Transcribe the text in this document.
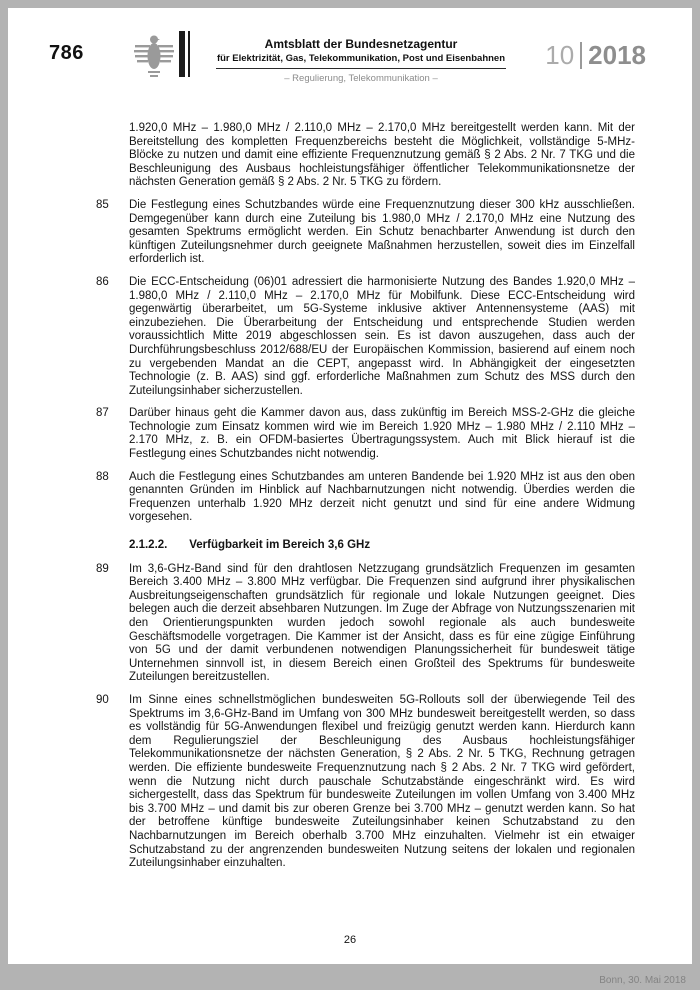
786	Amtsblatt der Bundesnetzagentur
für Elektrizität, Gas, Telekommunikation, Post und Eisenbahnen
– Regulierung, Telekommunikation –
10 2018
1.920,0 MHz – 1.980,0 MHz / 2.110,0 MHz – 2.170,0 MHz bereitgestellt werden kann. Mit der Bereitstellung des kompletten Frequenzbereichs besteht die Möglichkeit, vollständige 5-MHz-Blöcke zu nutzen und damit eine effiziente Frequenznutzung gemäß § 2 Abs. 2 Nr. 7 TKG und die Beschleunigung des Ausbaus hochleistungsfähiger öffentlicher Telekommunikationsnetze der nächsten Generation gemäß § 2 Abs. 2 Nr. 5 TKG zu fördern.
85	Die Festlegung eines Schutzbandes würde eine Frequenznutzung dieser 300 kHz ausschließen. Demgegenüber kann durch eine Zuteilung bis 1.980,0 MHz / 2.170,0 MHz eine Nutzung des gesamten Spektrums ermöglicht werden. Ein Schutz benachbarter Anwendung ist durch den künftigen Zuteilungsnehmer durch geeignete Maßnahmen herzustellen, soweit dies im Einzelfall erforderlich ist.
86	Die ECC-Entscheidung (06)01 adressiert die harmonisierte Nutzung des Bandes 1.920,0 MHz – 1.980,0 MHz / 2.110,0 MHz – 2.170,0 MHz für Mobilfunk. Diese ECC-Entscheidung wird gegenwärtig überarbeitet, um 5G-Systeme inklusive aktiver Antennensysteme (AAS) mit einzubeziehen. Die Überarbeitung der Entscheidung und entsprechende Studien werden voraussichtlich Mitte 2019 abgeschlossen sein. Es ist davon auszugehen, dass auch der Durchführungsbeschluss 2012/688/EU der Europäischen Kommission, basierend auf einem noch zu vergebenden Mandat an die CEPT, angepasst wird. In Abhängigkeit der eingesetzten Technologie (z. B. AAS) sind ggf. erforderliche Maßnahmen zum Schutz des MSS durch den Zuteilungsinhaber sicherzustellen.
87	Darüber hinaus geht die Kammer davon aus, dass zukünftig im Bereich MSS-2-GHz die gleiche Technologie zum Einsatz kommen wird wie im Bereich 1.920 MHz – 1.980 MHz / 2.110 MHz – 2.170 MHz, z. B. ein OFDM-basiertes Übertragungssystem. Auch mit Blick hierauf ist die Festlegung eines Schutzbandes nicht notwendig.
88	Auch die Festlegung eines Schutzbandes am unteren Bandende bei 1.920 MHz ist aus den oben genannten Gründen im Hinblick auf Nachbarnutzungen nicht notwendig. Überdies werden die Frequenzen unterhalb 1.920 MHz derzeit nicht genutzt und sind für eine andere Widmung vorgesehen.
2.1.2.2. Verfügbarkeit im Bereich 3,6 GHz
89	Im 3,6-GHz-Band sind für den drahtlosen Netzzugang grundsätzlich Frequenzen im gesamten Bereich 3.400 MHz – 3.800 MHz verfügbar. Die Frequenzen sind aufgrund ihrer physikalischen Ausbreitungseigenschaften grundsätzlich für regionale und lokale Nutzungen geeignet. Dies belegen auch die derzeit absehbaren Nutzungen. Im Zuge der Abfrage von Nutzungsszenarien mit den Orientierungspunkten wurden jedoch sowohl regionale als auch bundesweite Geschäftsmodelle vorgetragen. Die Kammer ist der Ansicht, dass es für eine zügige Einführung von 5G und der damit verbundenen notwendigen Planungssicherheit für bundesweit tätige Unternehmen sinnvoll ist, in diesem Bereich einen Großteil des Spektrums für bundesweite Zuteilungen bereitzustellen.
90	Im Sinne eines schnellstmöglichen bundesweiten 5G-Rollouts soll der überwiegende Teil des Spektrums im 3,6-GHz-Band im Umfang von 300 MHz bundesweit bereitgestellt werden, so dass es vollständig für 5G-Anwendungen flexibel und freizügig genutzt werden kann. Hierdurch kann dem Regulierungsziel der Beschleunigung des Ausbaus hochleistungsfähiger Telekommunikationsnetze der nächsten Generation, § 2 Abs. 2 Nr. 5 TKG, Rechnung getragen werden. Die effiziente bundesweite Frequenznutzung nach § 2 Abs. 2 Nr. 7 TKG wird gefördert, wenn die Nutzung nicht durch pauschale Schutzabstände eingeschränkt wird. Es wird sichergestellt, dass das Spektrum für bundesweite Zuteilungen im vollen Umfang von 3.400 MHz bis 3.700 MHz – und damit bis zur oberen Grenze bei 3.700 MHz – genutzt werden kann. So hat der betroffene künftige bundesweite Zuteilungsinhaber keinen Schutzabstand zu den Nachbarnutzungen im Bereich oberhalb 3.700 MHz einzuhalten. Vielmehr ist ein etwaiger Schutzabstand zu der angrenzenden bundesweiten Nutzung seitens der lokalen und regionalen Zuteilungsinhaber einzuhalten.
26
Bonn, 30. Mai 2018
